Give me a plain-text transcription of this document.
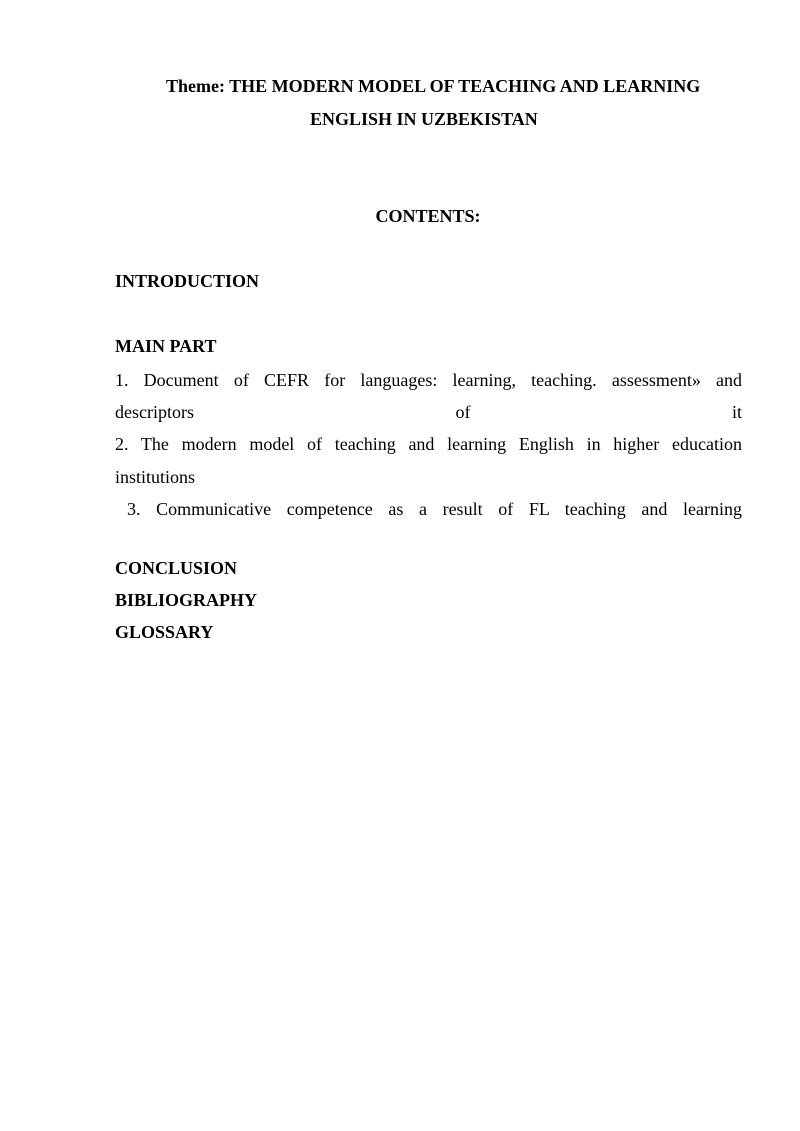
Theme: THE MODERN MODEL OF TEACHING AND LEARNING
ENGLISH IN UZBEKISTAN
CONTENTS:
INTRODUCTION
MAIN PART
1. Document of CEFR for languages: learning, teaching. assessment» and
descriptors of it
2. The modern model of teaching and learning English in higher education
institutions
3. Communicative competence as a result of FL teaching and learning
CONCLUSION
BIBLIOGRAPHY
GLOSSARY
